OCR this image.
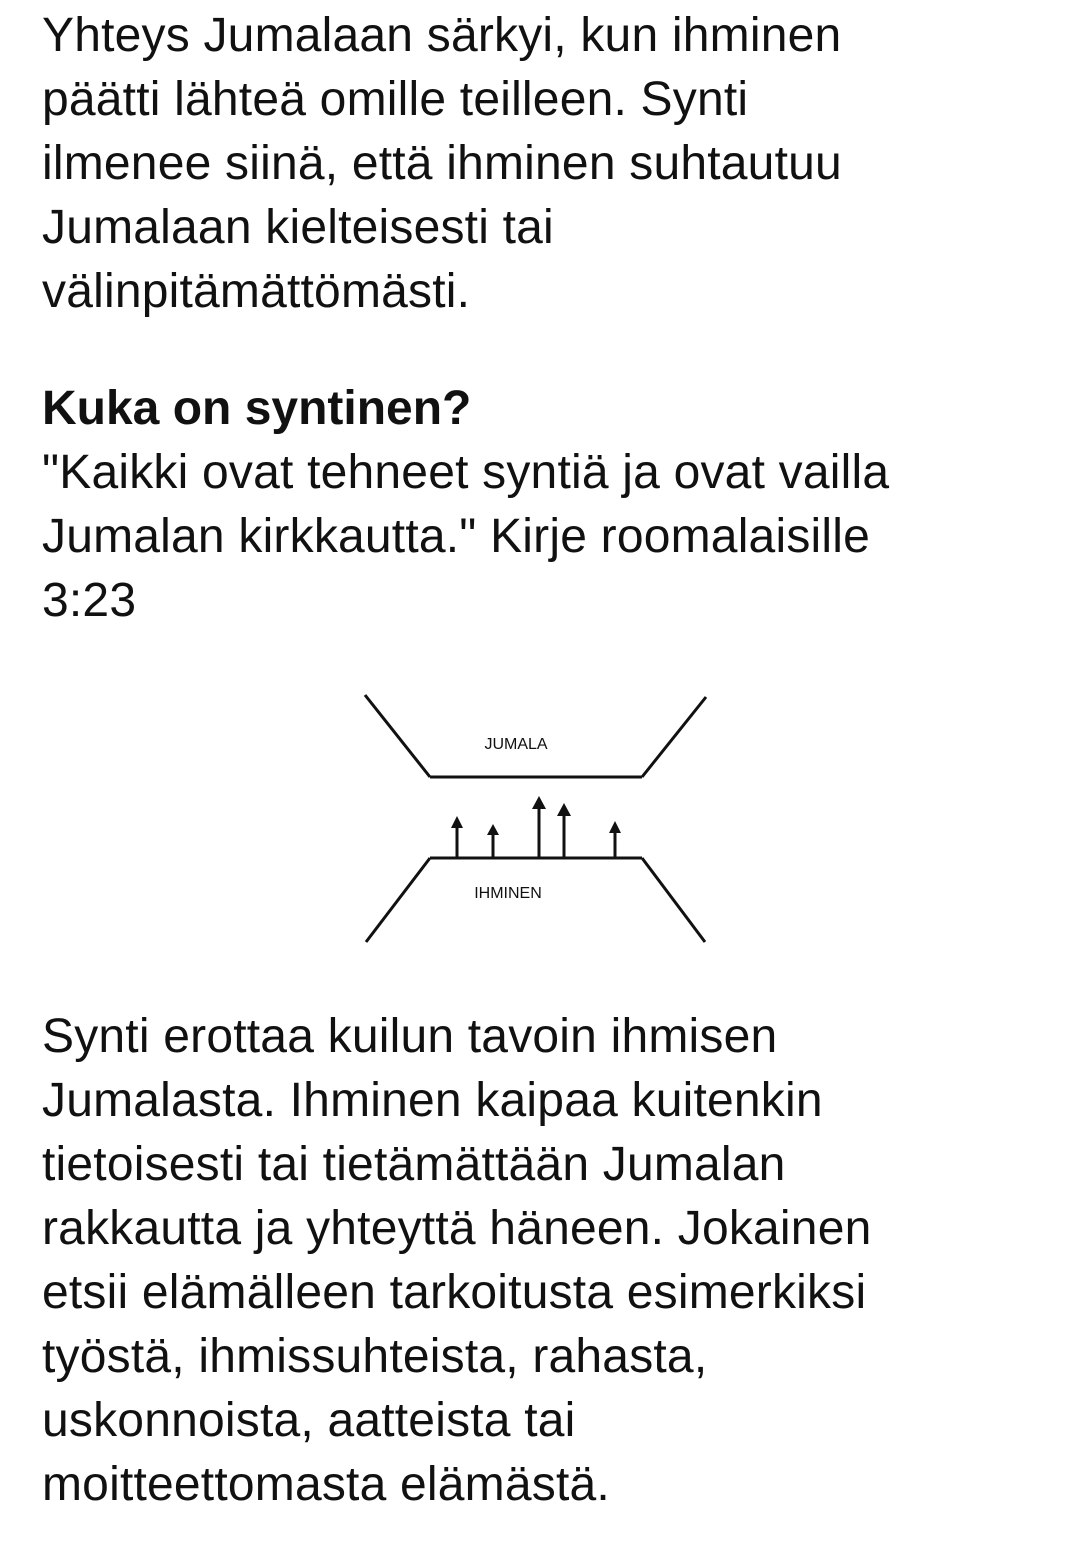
Yhteys Jumalaan särkyi, kun ihminen
päätti lähteä omille teilleen. Synti
ilmenee siinä, että ihminen suhtautuu
Jumalaan kielteisesti tai
välinpitämättömästi.

Kuka on syntinen?

"Kaikki ovat tehneet syntiä ja ovat vailla
Jumalan kirkkautta." Kirje roomalaisille
3:23

JUMALA
IHMINEN

Synti erottaa kuilun tavoin ihmisen
Jumalasta. Ihminen kaipaa kuitenkin
tietoisesti tai tietämättään Jumalan
rakkautta ja yhteyttä häneen. Jokainen
etsii elämälleen tarkoitusta esimerkiksi
työstä, ihmissuhteista, rahasta,
uskonnoista, aatteista tai
moitteettomasta elämästä.
